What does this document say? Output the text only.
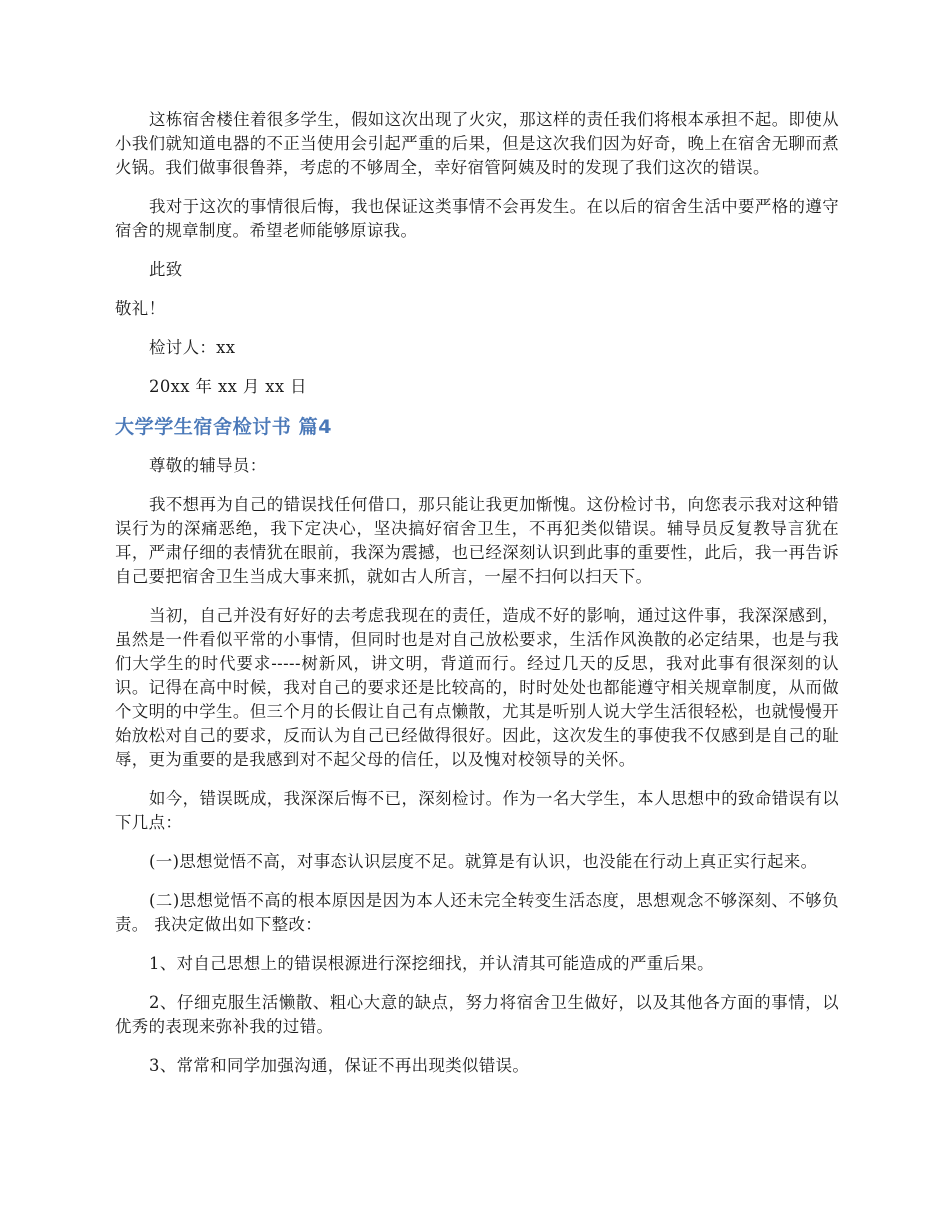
这栋宿舍楼住着很多学生，假如这次出现了火灾，那这样的责任我们将根本承担不起。即使从小我们就知道电器的不正当使用会引起严重的后果，但是这次我们因为好奇，晚上在宿舍无聊而煮火锅。我们做事很鲁莽，考虑的不够周全，幸好宿管阿姨及时的发现了我们这次的错误。

我对于这次的事情很后悔，我也保证这类事情不会再发生。在以后的宿舍生活中要严格的遵守宿舍的规章制度。希望老师能够原谅我。

此致

敬礼！

检讨人：xx

20xx 年 xx 月 xx 日

大学学生宿舍检讨书 篇4

尊敬的辅导员：

我不想再为自己的错误找任何借口，那只能让我更加惭愧。这份检讨书，向您表示我对这种错误行为的深痛恶绝，我下定决心，坚决搞好宿舍卫生，不再犯类似错误。辅导员反复教导言犹在耳，严肃仔细的表情犹在眼前，我深为震撼，也已经深刻认识到此事的重要性，此后，我一再告诉自己要把宿舍卫生当成大事来抓，就如古人所言，一屋不扫何以扫天下。

当初，自己并没有好好的去考虑我现在的责任，造成不好的影响，通过这件事，我深深感到，虽然是一件看似平常的小事情，但同时也是对自己放松要求，生活作风涣散的必定结果，也是与我们大学生的时代要求-----树新风，讲文明，背道而行。经过几天的反思，我对此事有很深刻的认识。记得在高中时候，我对自己的要求还是比较高的，时时处处也都能遵守相关规章制度，从而做个文明的中学生。但三个月的长假让自己有点懒散，尤其是听别人说大学生活很轻松，也就慢慢开始放松对自己的要求，反而认为自己已经做得很好。因此，这次发生的事使我不仅感到是自己的耻辱，更为重要的是我感到对不起父母的信任，以及愧对校领导的关怀。

如今，错误既成，我深深后悔不已，深刻检讨。作为一名大学生，本人思想中的致命错误有以下几点：

(一)思想觉悟不高，对事态认识层度不足。就算是有认识，也没能在行动上真正实行起来。

(二)思想觉悟不高的根本原因是因为本人还未完全转变生活态度，思想观念不够深刻、不够负责。 我决定做出如下整改：

1、对自己思想上的错误根源进行深挖细找，并认清其可能造成的严重后果。

2、仔细克服生活懒散、粗心大意的缺点，努力将宿舍卫生做好，以及其他各方面的事情，以优秀的表现来弥补我的过错。

3、常常和同学加强沟通，保证不再出现类似错误。
